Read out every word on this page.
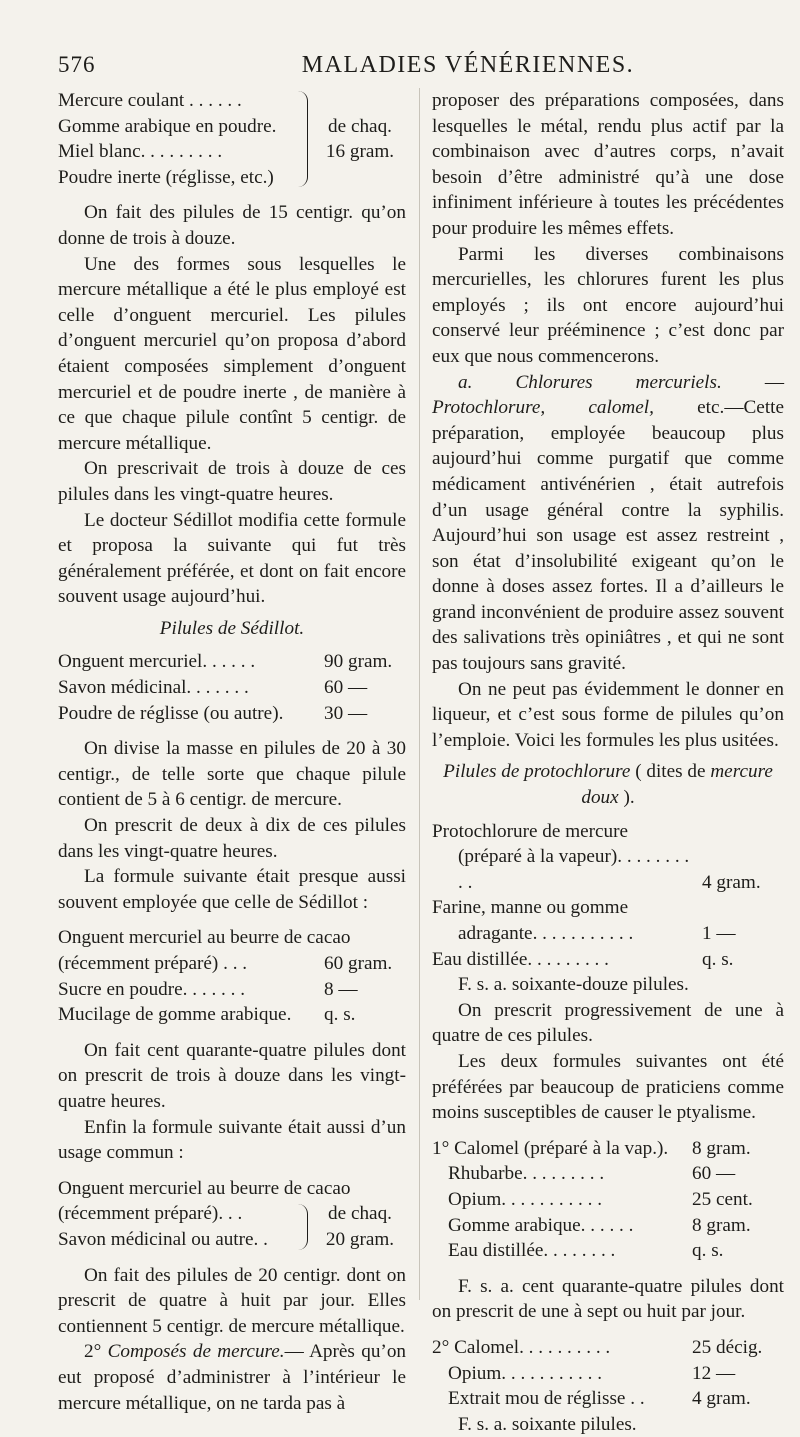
576	MALADIES VÉNÉRIENNES.
Mercure coulant . . . . . .
Gomme arabique en poudre.
Miel blanc. . . . . . . . .
Poudre inerte (réglisse, etc.)
de chaq.
16 gram.

On fait des pilules de 15 centigr. qu’on donne de trois à douze.

Une des formes sous lesquelles le mercure métallique a été le plus employé est celle d’onguent mercuriel. Les pilules d’onguent mercuriel qu’on proposa d’abord étaient composées simplement d’onguent mercuriel et de poudre inerte , de manière à ce que chaque pilule contînt 5 centigr. de mercure métallique.

On prescrivait de trois à douze de ces pilules dans les vingt-quatre heures.

Le docteur Sédillot modifia cette formule et proposa la suivante qui fut très généralement préférée, et dont on fait encore souvent usage aujourd’hui.

Pilules de Sédillot.
Onguent mercuriel. . . . . .	90 gram.
Savon médicinal. . . . . . .	60 —
Poudre de réglisse (ou autre).	30 —

On divise la masse en pilules de 20 à 30 centigr., de telle sorte que chaque pilule contient de 5 à 6 centigr. de mercure.

On prescrit de deux à dix de ces pilules dans les vingt-quatre heures.

La formule suivante était presque aussi souvent employée que celle de Sédillot :

Onguent mercuriel au beurre de cacao
(récemment préparé) . . .	60 gram.
Sucre en poudre. . . . . . .	8 —
Mucilage de gomme arabique.	q. s.

On fait cent quarante-quatre pilules dont on prescrit de trois à douze dans les vingt-quatre heures.

Enfin la formule suivante était aussi d’un usage commun :

Onguent mercuriel au beurre de cacao
(récemment préparé). . .
Savon médicinal ou autre. .
de chaq.
20 gram.

On fait des pilules de 20 centigr. dont on prescrit de quatre à huit par jour. Elles contiennent 5 centigr. de mercure métallique.

2° Composés de mercure.— Après qu’on eut proposé d’administrer à l’intérieur le mercure métallique, on ne tarda pas à

proposer des préparations composées, dans lesquelles le métal, rendu plus actif par la combinaison avec d’autres corps, n’avait besoin d’être administré qu’à une dose infiniment inférieure à toutes les précédentes pour produire les mêmes effets.

Parmi les diverses combinaisons mercurielles, les chlorures furent les plus employés ; ils ont encore aujourd’hui conservé leur prééminence ; c’est donc par eux que nous commencerons.

a. Chlorures mercuriels. — Protochlorure, calomel, etc.—Cette préparation, employée beaucoup plus aujourd’hui comme purgatif que comme médicament antivénérien , était autrefois d’un usage général contre la syphilis. Aujourd’hui son usage est assez restreint , son état d’insolubilité exigeant qu’on le donne à doses assez fortes. Il a d’ailleurs le grand inconvénient de produire assez souvent des salivations très opiniâtres , et qui ne sont pas toujours sans gravité.

On ne peut pas évidemment le donner en liqueur, et c’est sous forme de pilules qu’on l’emploie. Voici les formules les plus usitées.

Pilules de protochlorure ( dites de mercure doux ).
Protochlorure de mercure (préparé à la vapeur). . . . . . . . . .	4 gram.
Farine, manne ou gomme adragante. . . . . . . . . . .	1 —
Eau distillée. . . . . . . . .	q. s.

F. s. a. soixante-douze pilules.

On prescrit progressivement de une à quatre de ces pilules.

Les deux formules suivantes ont été préférées par beaucoup de praticiens comme moins susceptibles de causer le ptyalisme.

1° Calomel (préparé à la vap.).	8 gram.
Rhubarbe. . . . . . . . .	60 —
Opium. . . . . . . . . . .	25 cent.
Gomme arabique. . . . . .	8 gram.
Eau distillée. . . . . . . .	q. s.

F. s. a. cent quarante-quatre pilules dont on prescrit de une à sept ou huit par jour.

2° Calomel. . . . . . . . . .	25 décig.
Opium. . . . . . . . . . .	12 —
Extrait mou de réglisse . .	4 gram.

F. s. a. soixante pilules.
